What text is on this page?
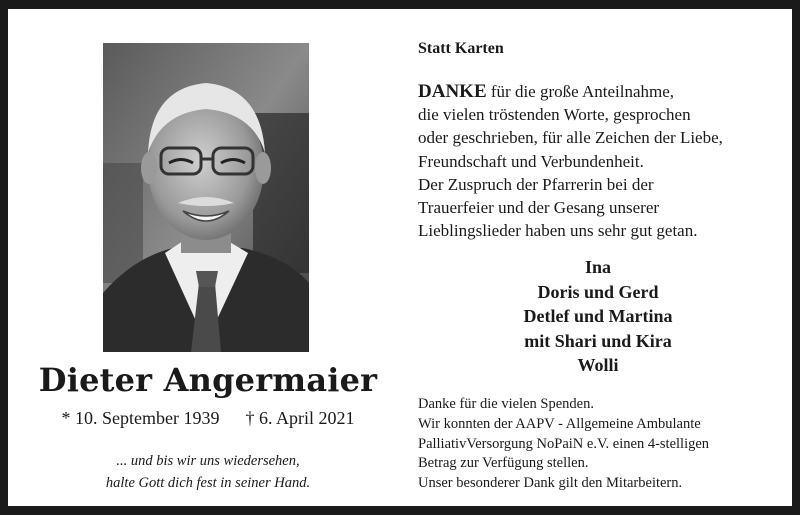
Dieter Angermaier
* 10. September 1939 † 6. April 2021
... und bis wir uns wiedersehen,
halte Gott dich fest in seiner Hand.
Statt Karten
DANKE für die große Anteilnahme,
die vielen tröstenden Worte, gesprochen
oder geschrieben, für alle Zeichen der Liebe,
Freundschaft und Verbundenheit.
Der Zuspruch der Pfarrerin bei der
Trauerfeier und der Gesang unserer
Lieblingslieder haben uns sehr gut getan.
Ina
Doris und Gerd
Detlef und Martina
mit Shari und Kira
Wolli
Danke für die vielen Spenden.
Wir konnten der AAPV - Allgemeine Ambulante
PalliativVersorgung NoPaiN e.V. einen 4-stelligen
Betrag zur Verfügung stellen.
Unser besonderer Dank gilt den Mitarbeitern.
